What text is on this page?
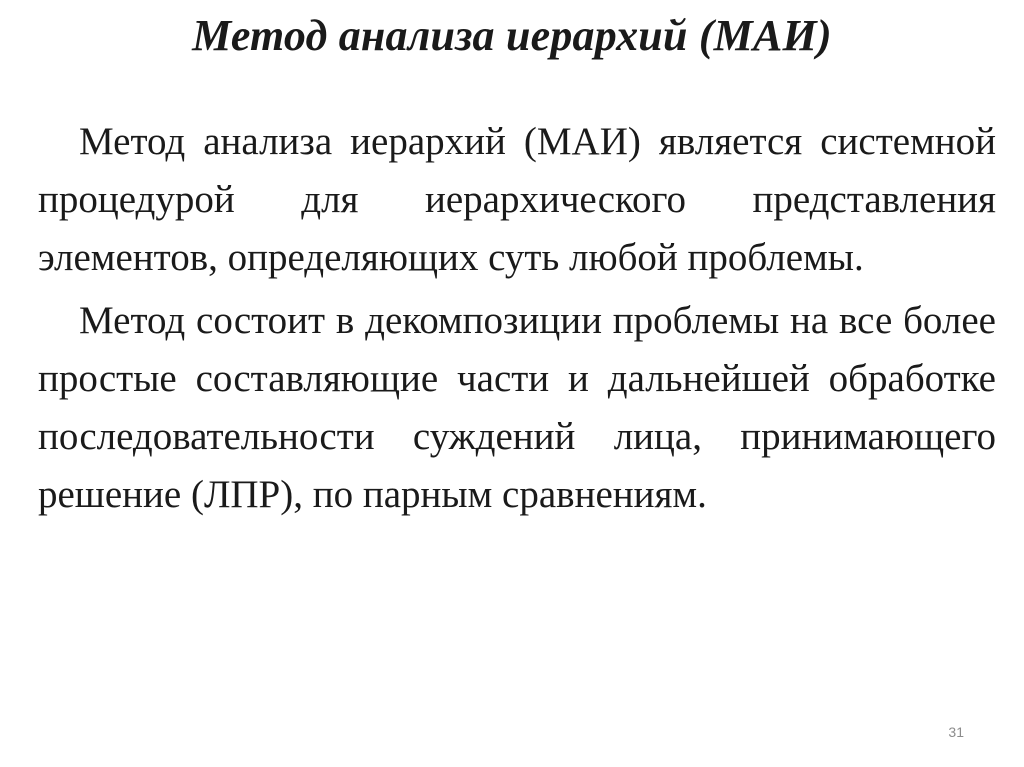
Метод анализа иерархий (МАИ)

Метод анализа иерархий (МАИ) является системной процедурой для иерархического представления элементов, определяющих суть любой проблемы.

Метод состоит в декомпозиции проблемы на все более простые составляющие части и дальнейшей обработке последовательности суждений лица, принимающего решение (ЛПР), по парным сравнениям.

31
